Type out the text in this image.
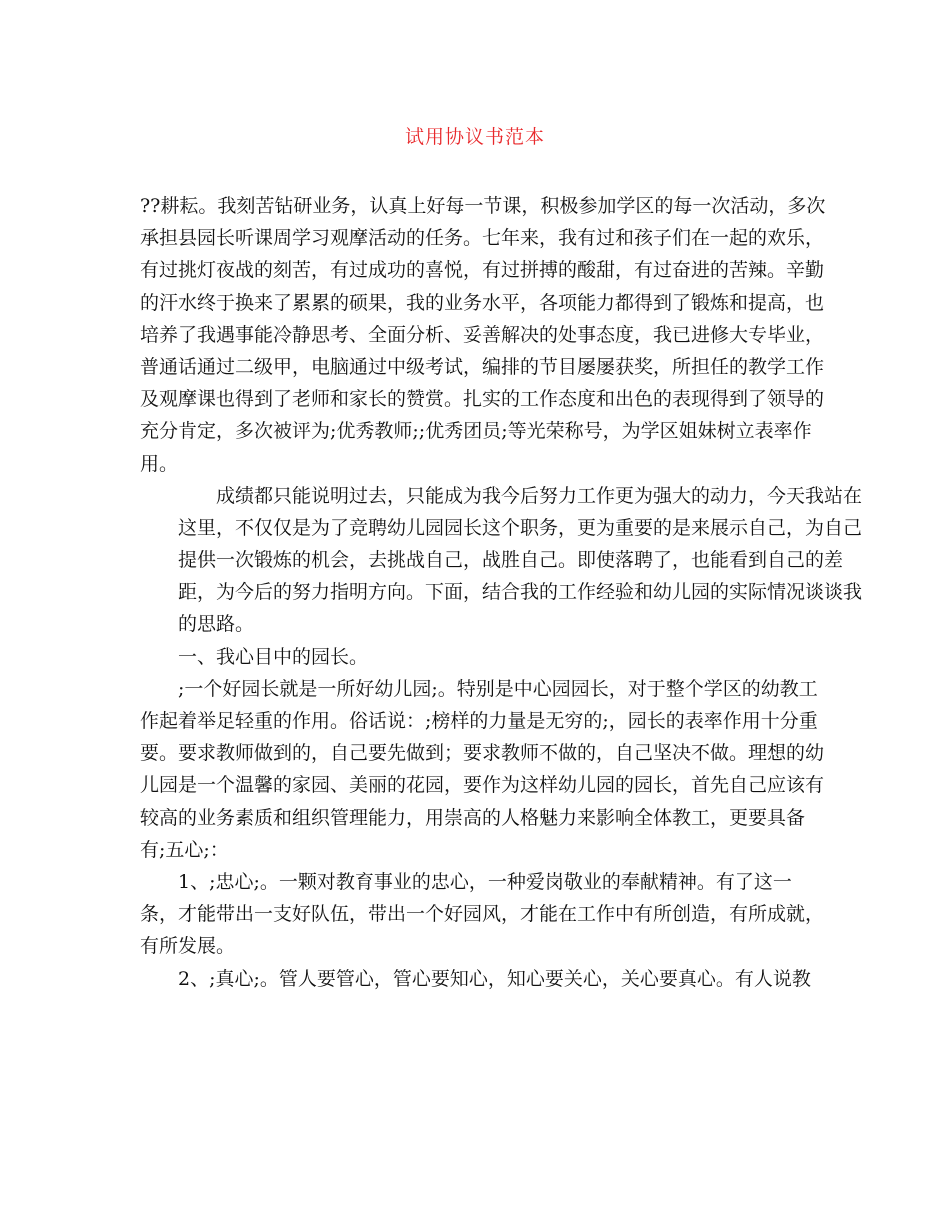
试用协议书范本

??耕耘。我刻苦钻研业务，认真上好每一节课，积极参加学区的每一次活动，多次
承担县园长听课周学习观摩活动的任务。七年来，我有过和孩子们在一起的欢乐，
有过挑灯夜战的刻苦，有过成功的喜悦，有过拼搏的酸甜，有过奋进的苦辣。辛勤
的汗水终于换来了累累的硕果，我的业务水平，各项能力都得到了锻炼和提高，也
培养了我遇事能冷静思考、全面分析、妥善解决的处事态度，我已进修大专毕业，
普通话通过二级甲，电脑通过中级考试，编排的节目屡屡获奖，所担任的教学工作
及观摩课也得到了老师和家长的赞赏。扎实的工作态度和出色的表现得到了领导的
充分肯定，多次被评为;优秀教师;;优秀团员;等光荣称号，为学区姐妹树立表率作
用。

成绩都只能说明过去，只能成为我今后努力工作更为强大的动力，今天我站在
这里，不仅仅是为了竞聘幼儿园园长这个职务，更为重要的是来展示自己，为自己
提供一次锻炼的机会，去挑战自己，战胜自己。即使落聘了，也能看到自己的差
距，为今后的努力指明方向。下面，结合我的工作经验和幼儿园的实际情况谈谈我
的思路。

一、我心目中的园长。

;一个好园长就是一所好幼儿园;。特别是中心园园长，对于整个学区的幼教工
作起着举足轻重的作用。俗话说：;榜样的力量是无穷的;，园长的表率作用十分重
要。要求教师做到的，自己要先做到；要求教师不做的，自己坚决不做。理想的幼
儿园是一个温馨的家园、美丽的花园，要作为这样幼儿园的园长，首先自己应该有
较高的业务素质和组织管理能力，用崇高的人格魅力来影响全体教工，更要具备
有;五心;：

1、;忠心;。一颗对教育事业的忠心，一种爱岗敬业的奉献精神。有了这一
条，才能带出一支好队伍，带出一个好园风，才能在工作中有所创造，有所成就，
有所发展。

2、;真心;。管人要管心，管心要知心，知心要关心，关心要真心。有人说教
